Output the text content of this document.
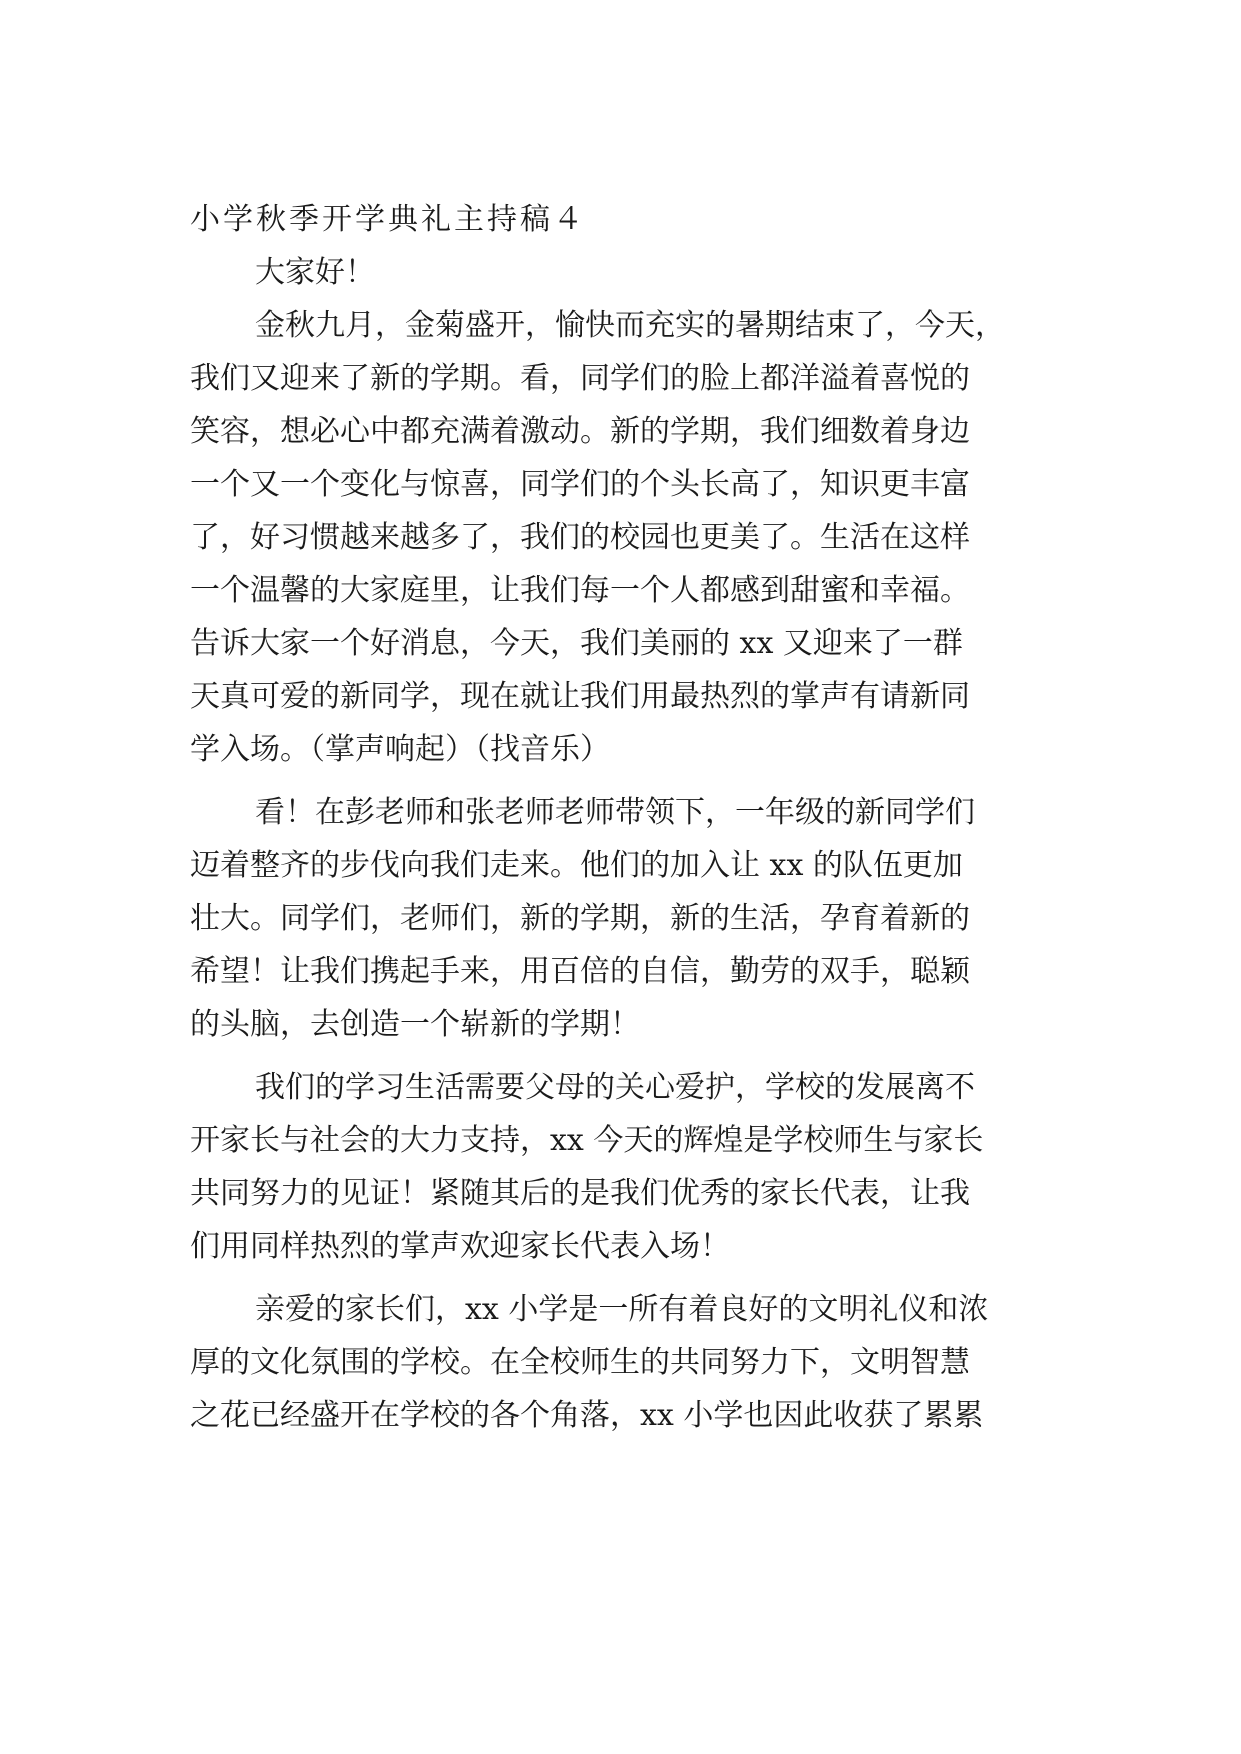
小学秋季开学典礼主持稿４

大家好！

金秋九月，金菊盛开，愉快而充实的暑期结束了，今天，

我们又迎来了新的学期。看，同学们的脸上都洋溢着喜悦的

笑容，想必心中都充满着激动。新的学期，我们细数着身边

一个又一个变化与惊喜，同学们的个头长高了，知识更丰富

了，好习惯越来越多了，我们的校园也更美了。生活在这样

一个温馨的大家庭里，让我们每一个人都感到甜蜜和幸福。

告诉大家一个好消息，今天，我们美丽的 xx 又迎来了一群

天真可爱的新同学，现在就让我们用最热烈的掌声有请新同

学入场。（掌声响起）（找音乐）

看！在彭老师和张老师老师带领下，一年级的新同学们

迈着整齐的步伐向我们走来。他们的加入让 xx 的队伍更加

壮大。同学们，老师们，新的学期，新的生活，孕育着新的

希望！让我们携起手来，用百倍的自信，勤劳的双手，聪颖

的头脑，去创造一个崭新的学期！

我们的学习生活需要父母的关心爱护，学校的发展离不

开家长与社会的大力支持，xx 今天的辉煌是学校师生与家长

共同努力的见证！紧随其后的是我们优秀的家长代表，让我

们用同样热烈的掌声欢迎家长代表入场！

亲爱的家长们，xx 小学是一所有着良好的文明礼仪和浓

厚的文化氛围的学校。在全校师生的共同努力下，文明智慧

之花已经盛开在学校的各个角落，xx 小学也因此收获了累累
